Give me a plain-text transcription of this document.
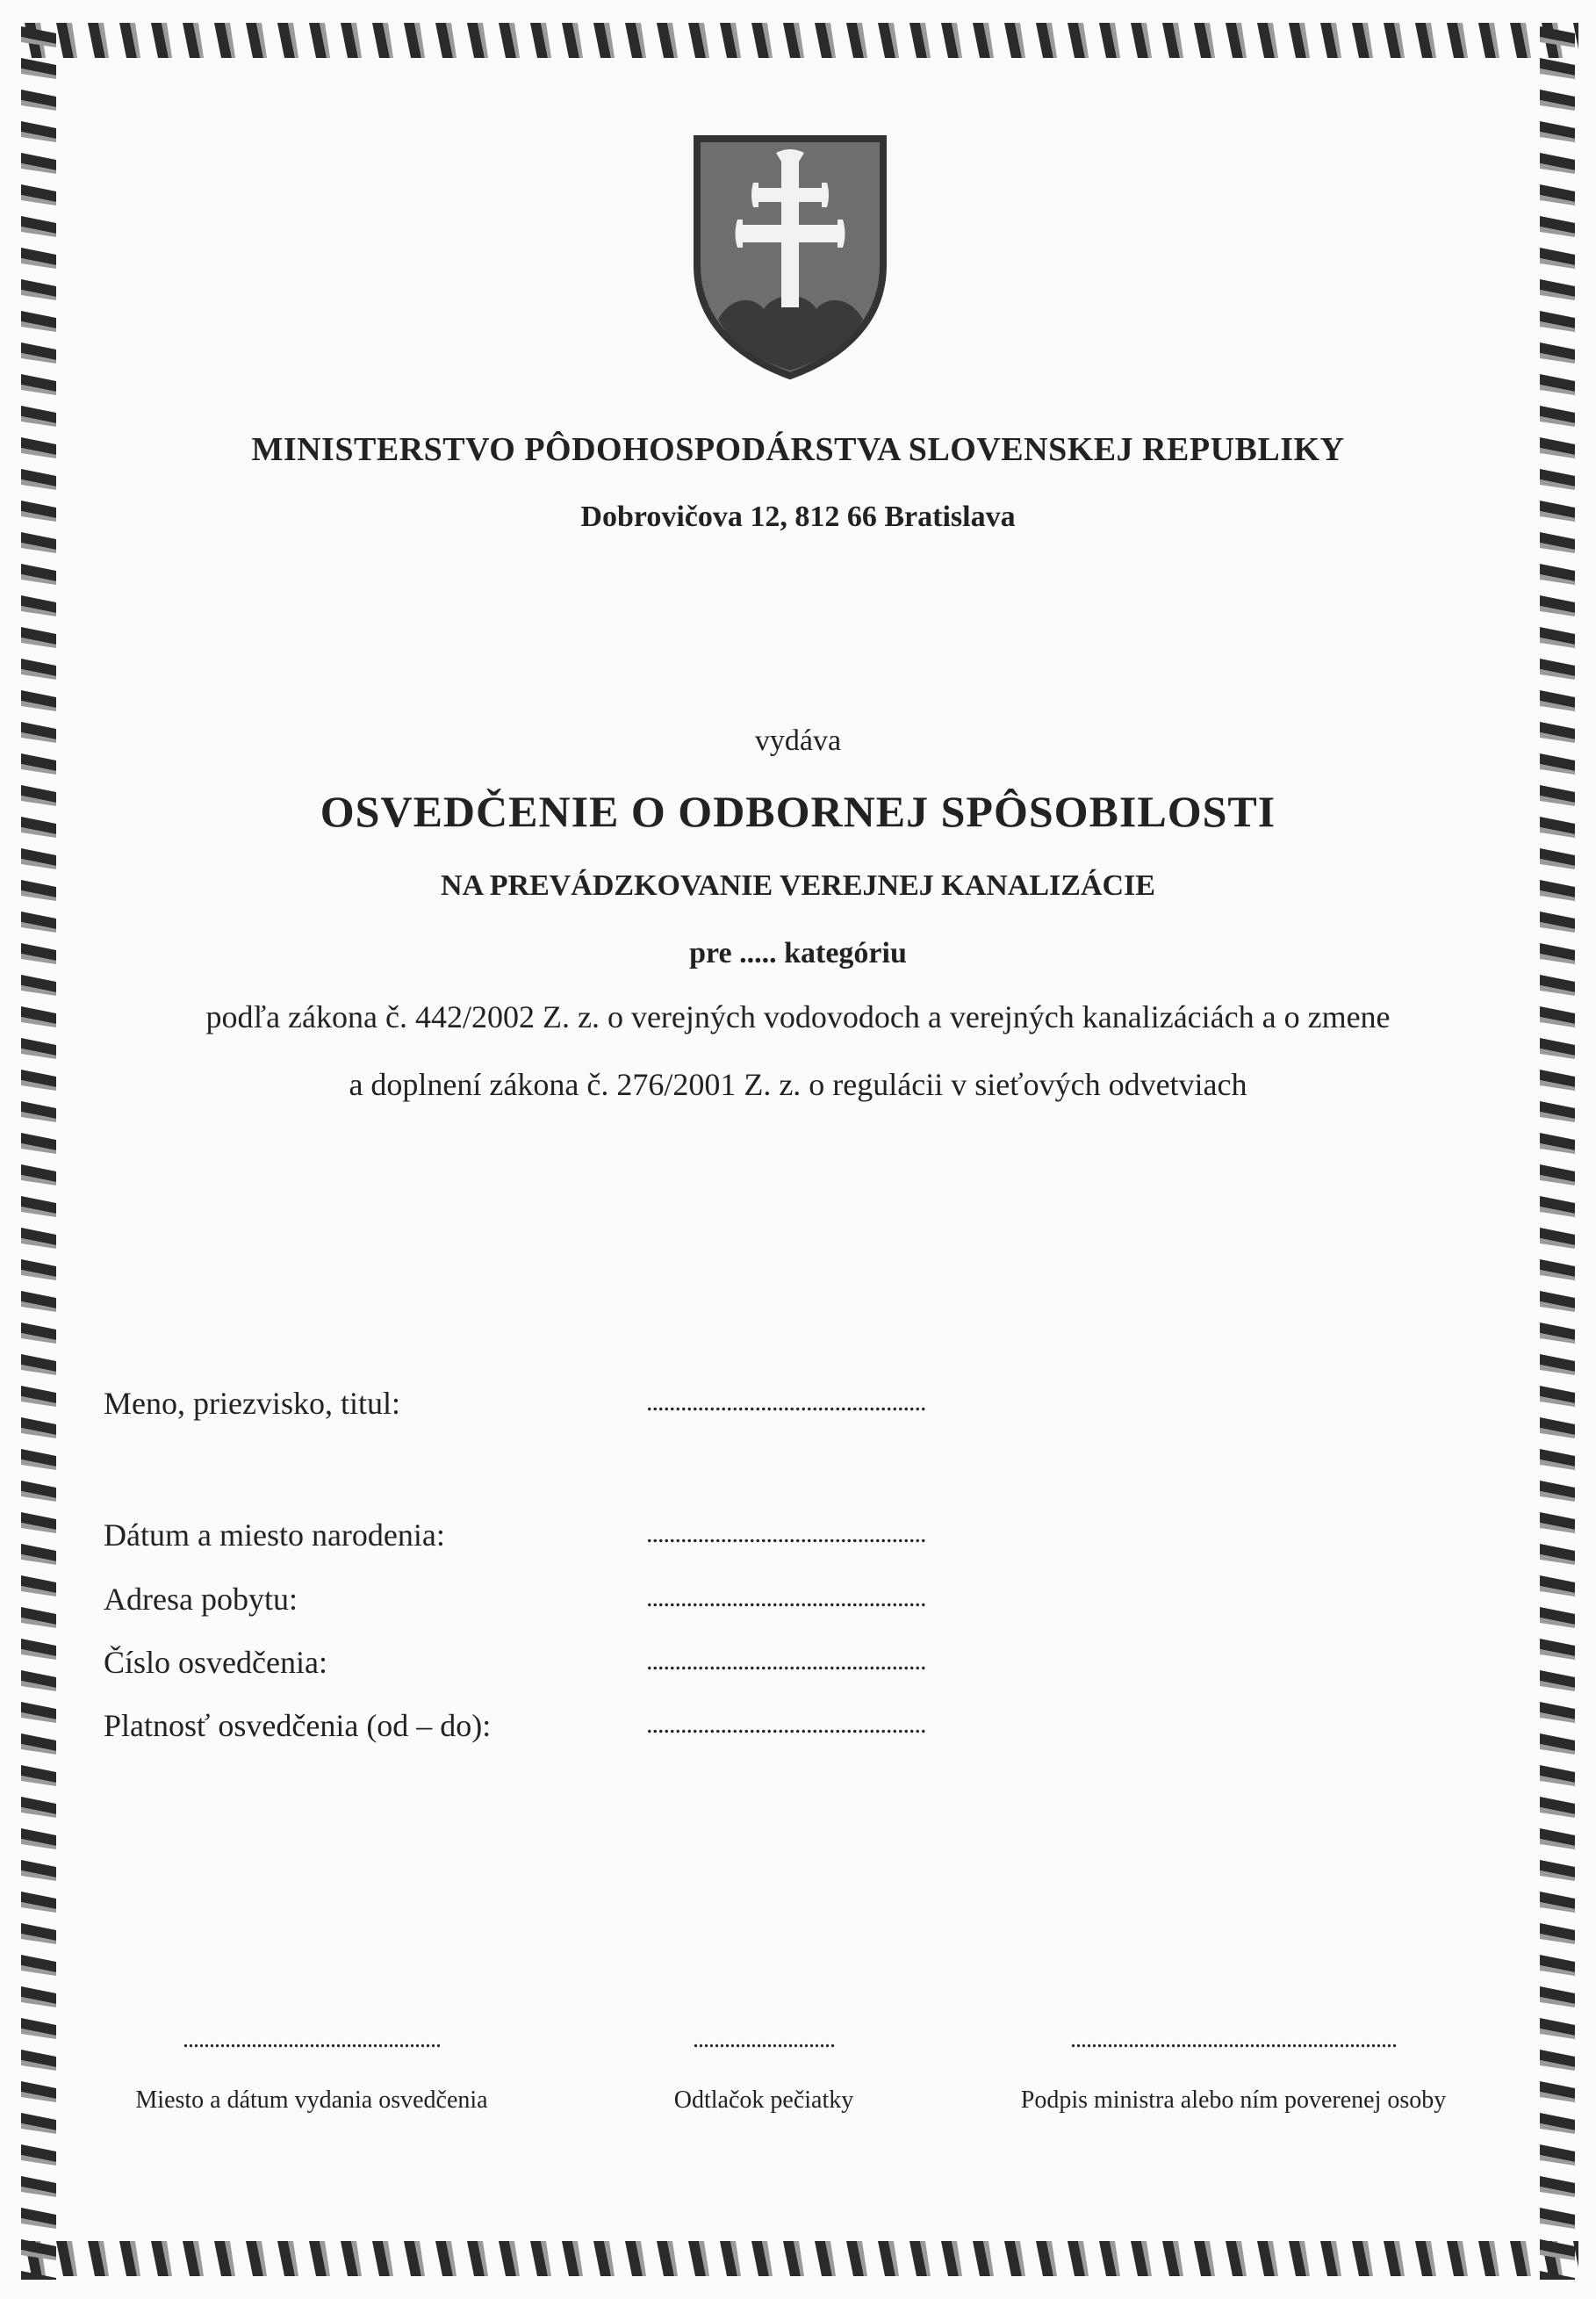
MINISTERSTVO PÔDOHOSPODÁRSTVA SLOVENSKEJ REPUBLIKY
Dobrovičova 12, 812 66 Bratislava
vydáva
OSVEDČENIE O ODBORNEJ SPÔSOBILOSTI
NA PREVÁDZKOVANIE VEREJNEJ KANALIZÁCIE
pre ..... kategóriu
podľa zákona č. 442/2002 Z. z. o verejných vodovodoch a verejných kanalizáciách a o zmene
a doplnení zákona č. 276/2001 Z. z. o regulácii v sieťových odvetviach
Meno, priezvisko, titul:	.................................................
Dátum a miesto narodenia:	.................................................
Adresa pobytu:	.................................................
Číslo osvedčenia:	.................................................
Platnosť osvedčenia (od – do):	.................................................
.................................................
Miesto a dátum vydania osvedčenia
...........................
Odtlačok pečiatky
..............................................................
Podpis ministra alebo ním poverenej osoby
